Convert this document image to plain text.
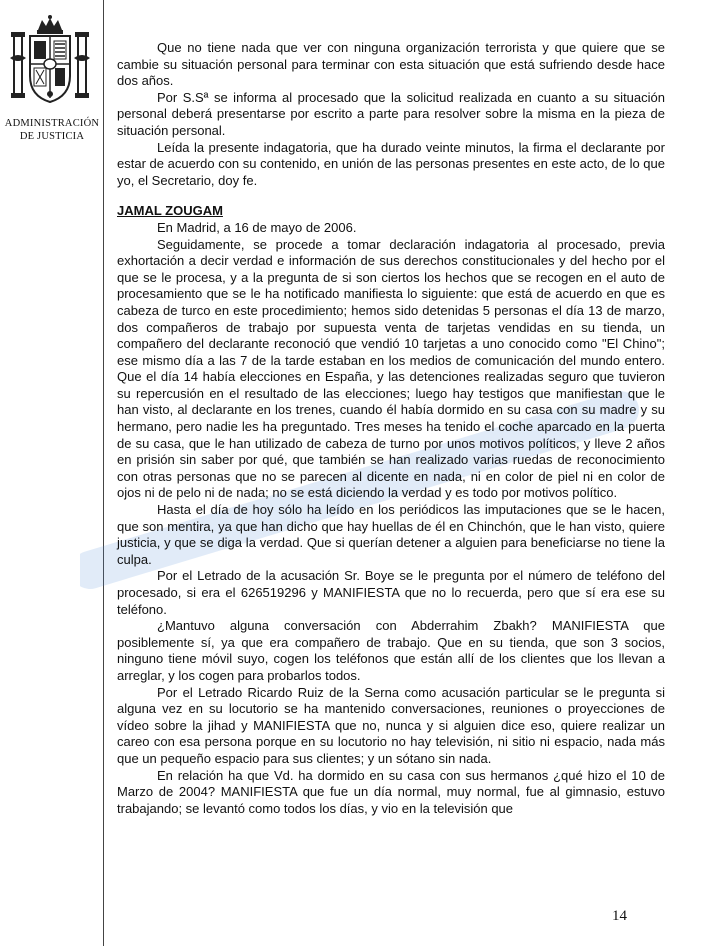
ADMINISTRACIÓN
DE JUSTICIA

Que no tiene nada que ver con ninguna organización terrorista y que quiere que se cambie su situación personal para terminar con esta situación que está sufriendo desde hace dos años.

Por S.Sª se informa al procesado que la solicitud realizada en cuanto a su situación personal deberá presentarse por escrito a parte para resolver sobre la misma en la pieza de situación personal.

Leída la presente indagatoria, que ha durado veinte minutos, la firma el declarante por estar de acuerdo con su contenido, en unión de las personas presentes en este acto, de lo que yo, el Secretario, doy fe.

JAMAL ZOUGAM

En Madrid, a 16 de mayo de 2006.

Seguidamente, se procede a tomar declaración indagatoria al procesado, previa exhortación a decir verdad e información de sus derechos constitucionales y del hecho por el que se le procesa, y a la pregunta de si son ciertos los hechos que se recogen en el auto de procesamiento que se le ha notificado manifiesta lo siguiente: que está de acuerdo en que es cabeza de turco en este procedimiento; hemos sido detenidas 5 personas el día 13 de marzo, dos compañeros de trabajo por supuesta venta de tarjetas vendidas en su tienda, un compañero del declarante reconoció que vendió 10 tarjetas a uno conocido como "El Chino"; ese mismo día a las 7 de la tarde estaban en los medios de comunicación del mundo entero. Que el día 14 había elecciones en España, y las detenciones realizadas seguro que tuvieron su repercusión en el resultado de las elecciones; luego hay testigos que manifiestan que le han visto, al declarante en los trenes, cuando él había dormido en su casa con su madre y su hermano, pero nadie les ha preguntado. Tres meses ha tenido el coche aparcado en la puerta de su casa, que le han utilizado de cabeza de turno por unos motivos políticos, y lleve 2 años en prisión sin saber por qué, que también se han realizado varias ruedas de reconocimiento con otras personas que no se parecen al dicente en nada, ni en color de piel ni en color de ojos ni de pelo ni de nada; no se está diciendo la verdad y es todo por motivos político.

Hasta el día de hoy sólo ha leído en los periódicos las imputaciones que se le hacen, que son mentira, ya que han dicho que hay huellas de él en Chinchón, que le han visto, quiere justicia, y que se diga la verdad. Que si querían detener a alguien para beneficiarse no tiene la culpa.

Por el Letrado de la acusación Sr. Boye se le pregunta por el número de teléfono del procesado, si era el 626519296 y MANIFIESTA que no lo recuerda, pero que sí era ese su teléfono.

¿Mantuvo alguna conversación con Abderrahim Zbakh? MANIFIESTA que posiblemente sí, ya que era compañero de trabajo. Que en su tienda, que son 3 socios, ninguno tiene móvil suyo, cogen los teléfonos que están allí de los clientes que los llevan a arreglar, y los cogen para probarlos todos.

Por el Letrado Ricardo Ruiz de la Serna como acusación particular se le pregunta si alguna vez en su locutorio se ha mantenido conversaciones, reuniones o proyecciones de vídeo sobre la jihad y MANIFIESTA que no, nunca y si alguien dice eso, quiere realizar un careo con esa persona porque en su locutorio no hay televisión, ni sitio ni espacio, nada más que un pequeño espacio para sus clientes; y un sótano sin nada.

En relación ha que Vd. ha dormido en su casa con sus hermanos ¿qué hizo el 10 de Marzo de 2004? MANIFIESTA que fue un día normal, muy normal, fue al gimnasio, estuvo trabajando; se levantó como todos los días, y vio en la televisión que

14
